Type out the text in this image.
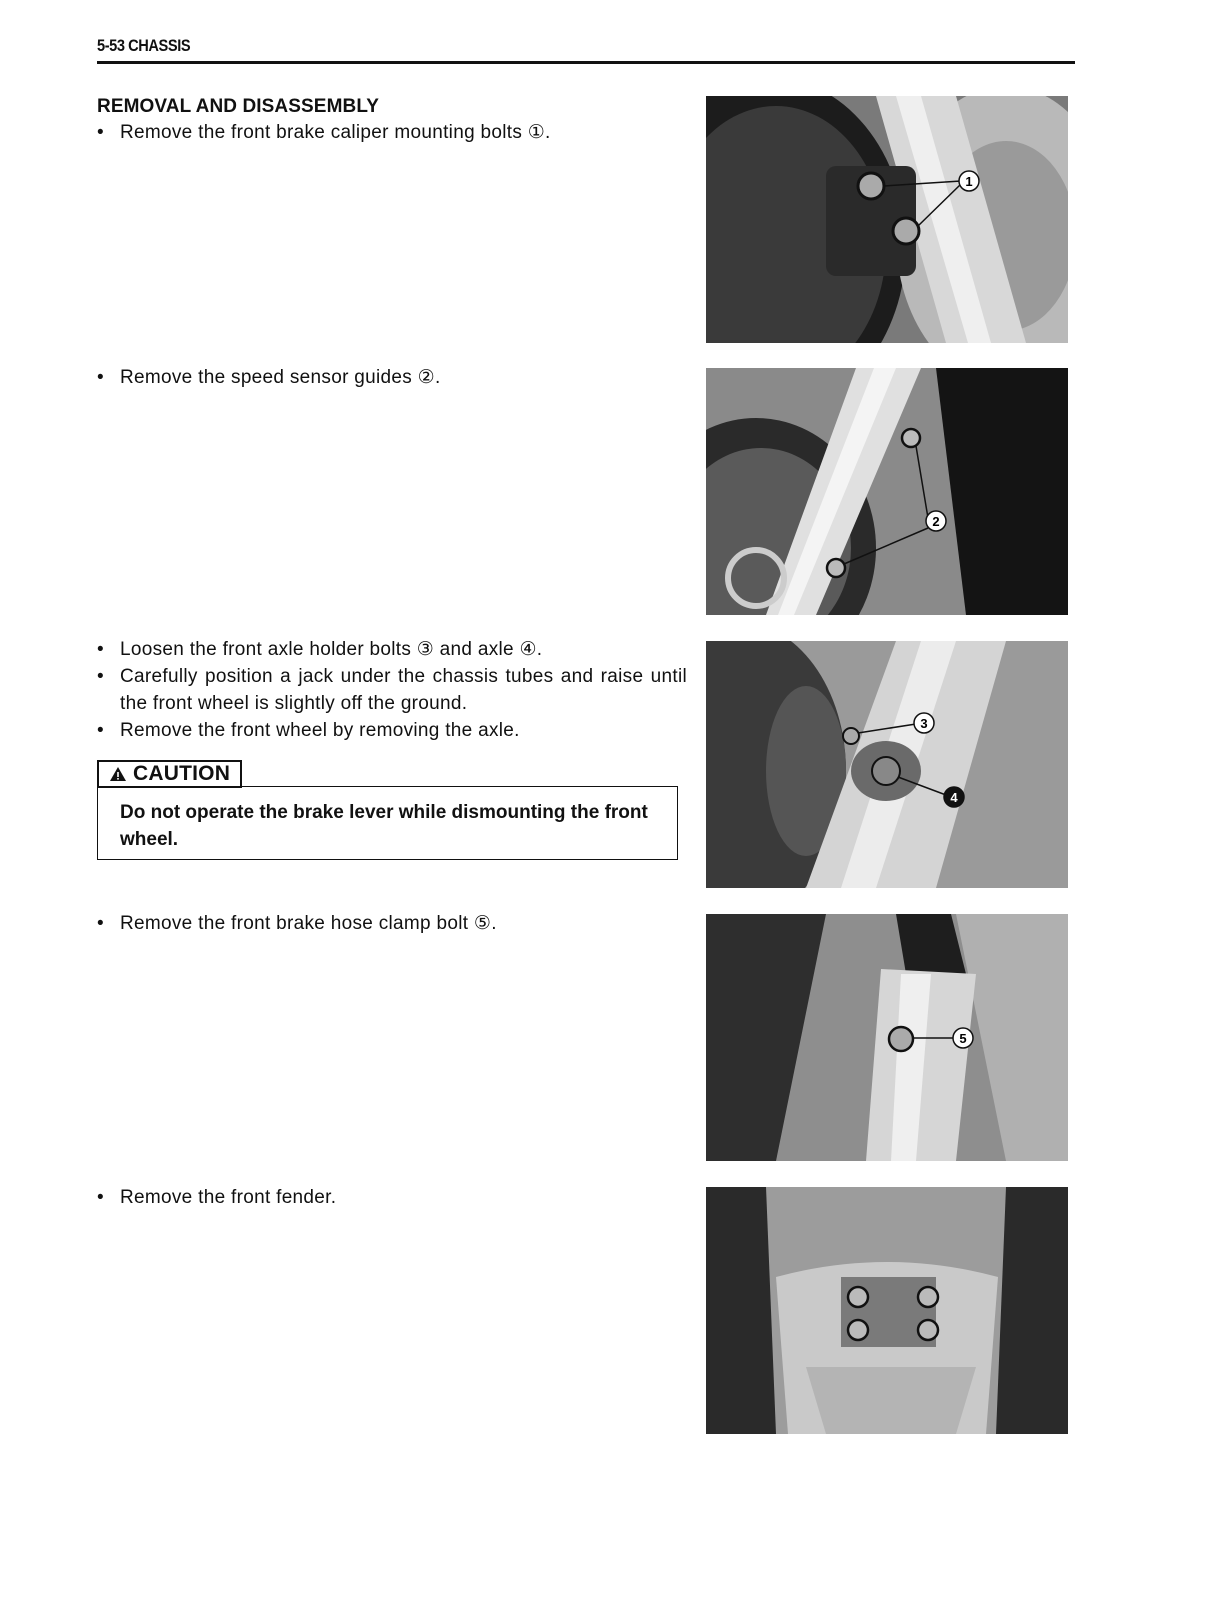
5-53 CHASSIS
REMOVAL AND DISASSEMBLY
• Remove the front brake caliper mounting bolts ①.
• Remove the speed sensor guides ②.
• Loosen the front axle holder bolts ③ and axle ④.
• Carefully position a jack under the chassis tubes and raise until the front wheel is slightly off the ground.
• Remove the front wheel by removing the axle.
CAUTION
Do not operate the brake lever while dismounting the front wheel.
• Remove the front brake hose clamp bolt ⑤.
• Remove the front fender.
1
2
3
4
5
